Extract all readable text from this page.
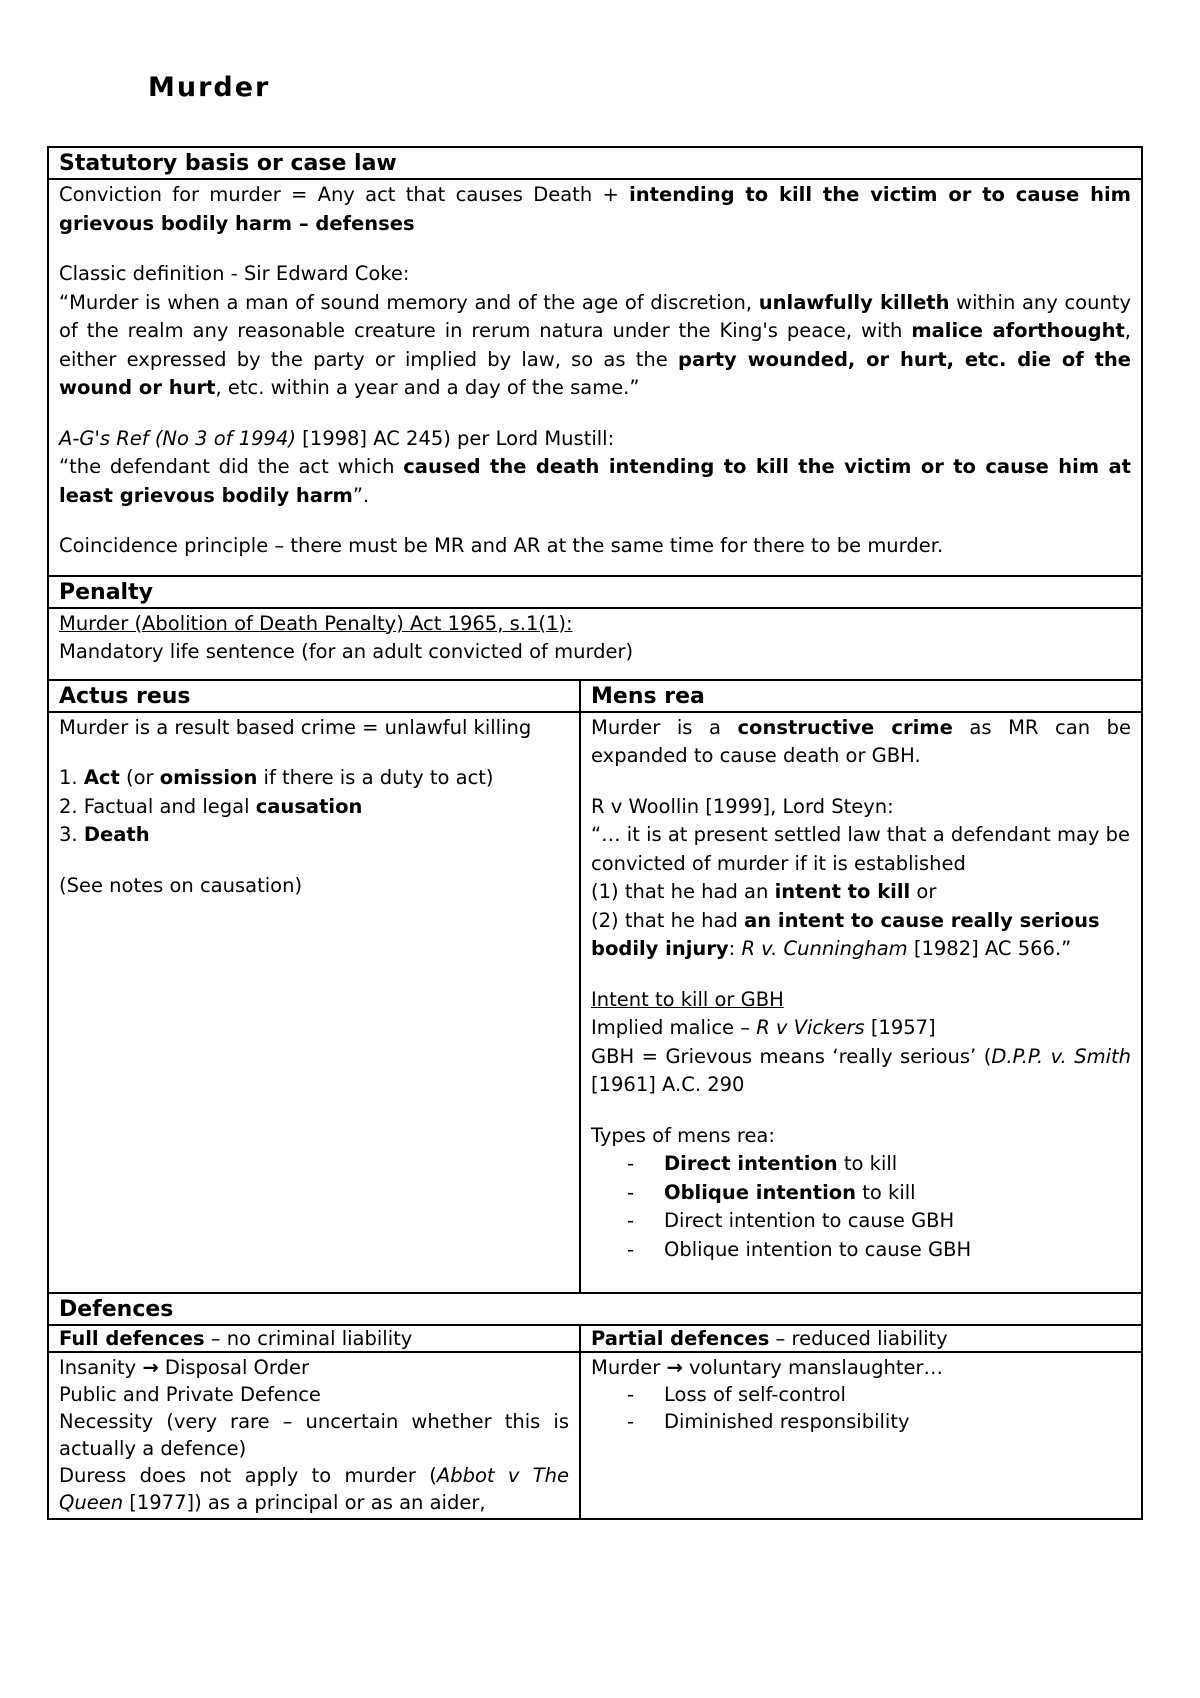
Murder
Statutory basis or case law

Conviction for murder = Any act that causes Death + intending to kill the victim or to cause him grievous bodily harm – defenses

Classic definition - Sir Edward Coke:

“Murder is when a man of sound memory and of the age of discretion, unlawfully killeth within any county of the realm any reasonable creature in rerum natura under the King's peace, with malice aforthought, either expressed by the party or implied by law, so as the party wounded, or hurt, etc. die of the wound or hurt, etc. within a year and a day of the same.”

A-G's Ref (No 3 of 1994) [1998] AC 245) per Lord Mustill:

“the defendant did the act which caused the death intending to kill the victim or to cause him at least grievous bodily harm”.

Coincidence principle – there must be MR and AR at the same time for there to be murder.

Penalty

Murder (Abolition of Death Penalty) Act 1965, s.1(1):

Mandatory life sentence (for an adult convicted of murder)

Actus reus	Mens rea

Murder is a result based crime = unlawful killing

1. Act (or omission if there is a duty to act)

2. Factual and legal causation

3. Death

(See notes on causation)

Murder is a constructive crime as MR can be expanded to cause death or GBH.

R v Woollin [1999], Lord Steyn:

“… it is at present settled law that a defendant may be convicted of murder if it is established

(1) that he had an intent to kill or

(2) that he had an intent to cause really serious bodily injury: R v. Cunningham [1982] AC 566.”

Intent to kill or GBH

Implied malice – R v Vickers [1957]

GBH = Grievous means ‘really serious’ (D.P.P. v. Smith [1961] A.C. 290

Types of mens rea:

- Direct intention to kill
- Oblique intention to kill
- Direct intention to cause GBH
- Oblique intention to cause GBH
Defences
Full defences – no criminal liability	Partial defences – reduced liability

Insanity → Disposal Order

Public and Private Defence

Necessity (very rare – uncertain whether this is actually a defence)

Duress does not apply to murder (Abbot v The Queen [1977]) as a principal or as an aider,

Murder → voluntary manslaughter…

- Loss of self-control
- Diminished responsibility
